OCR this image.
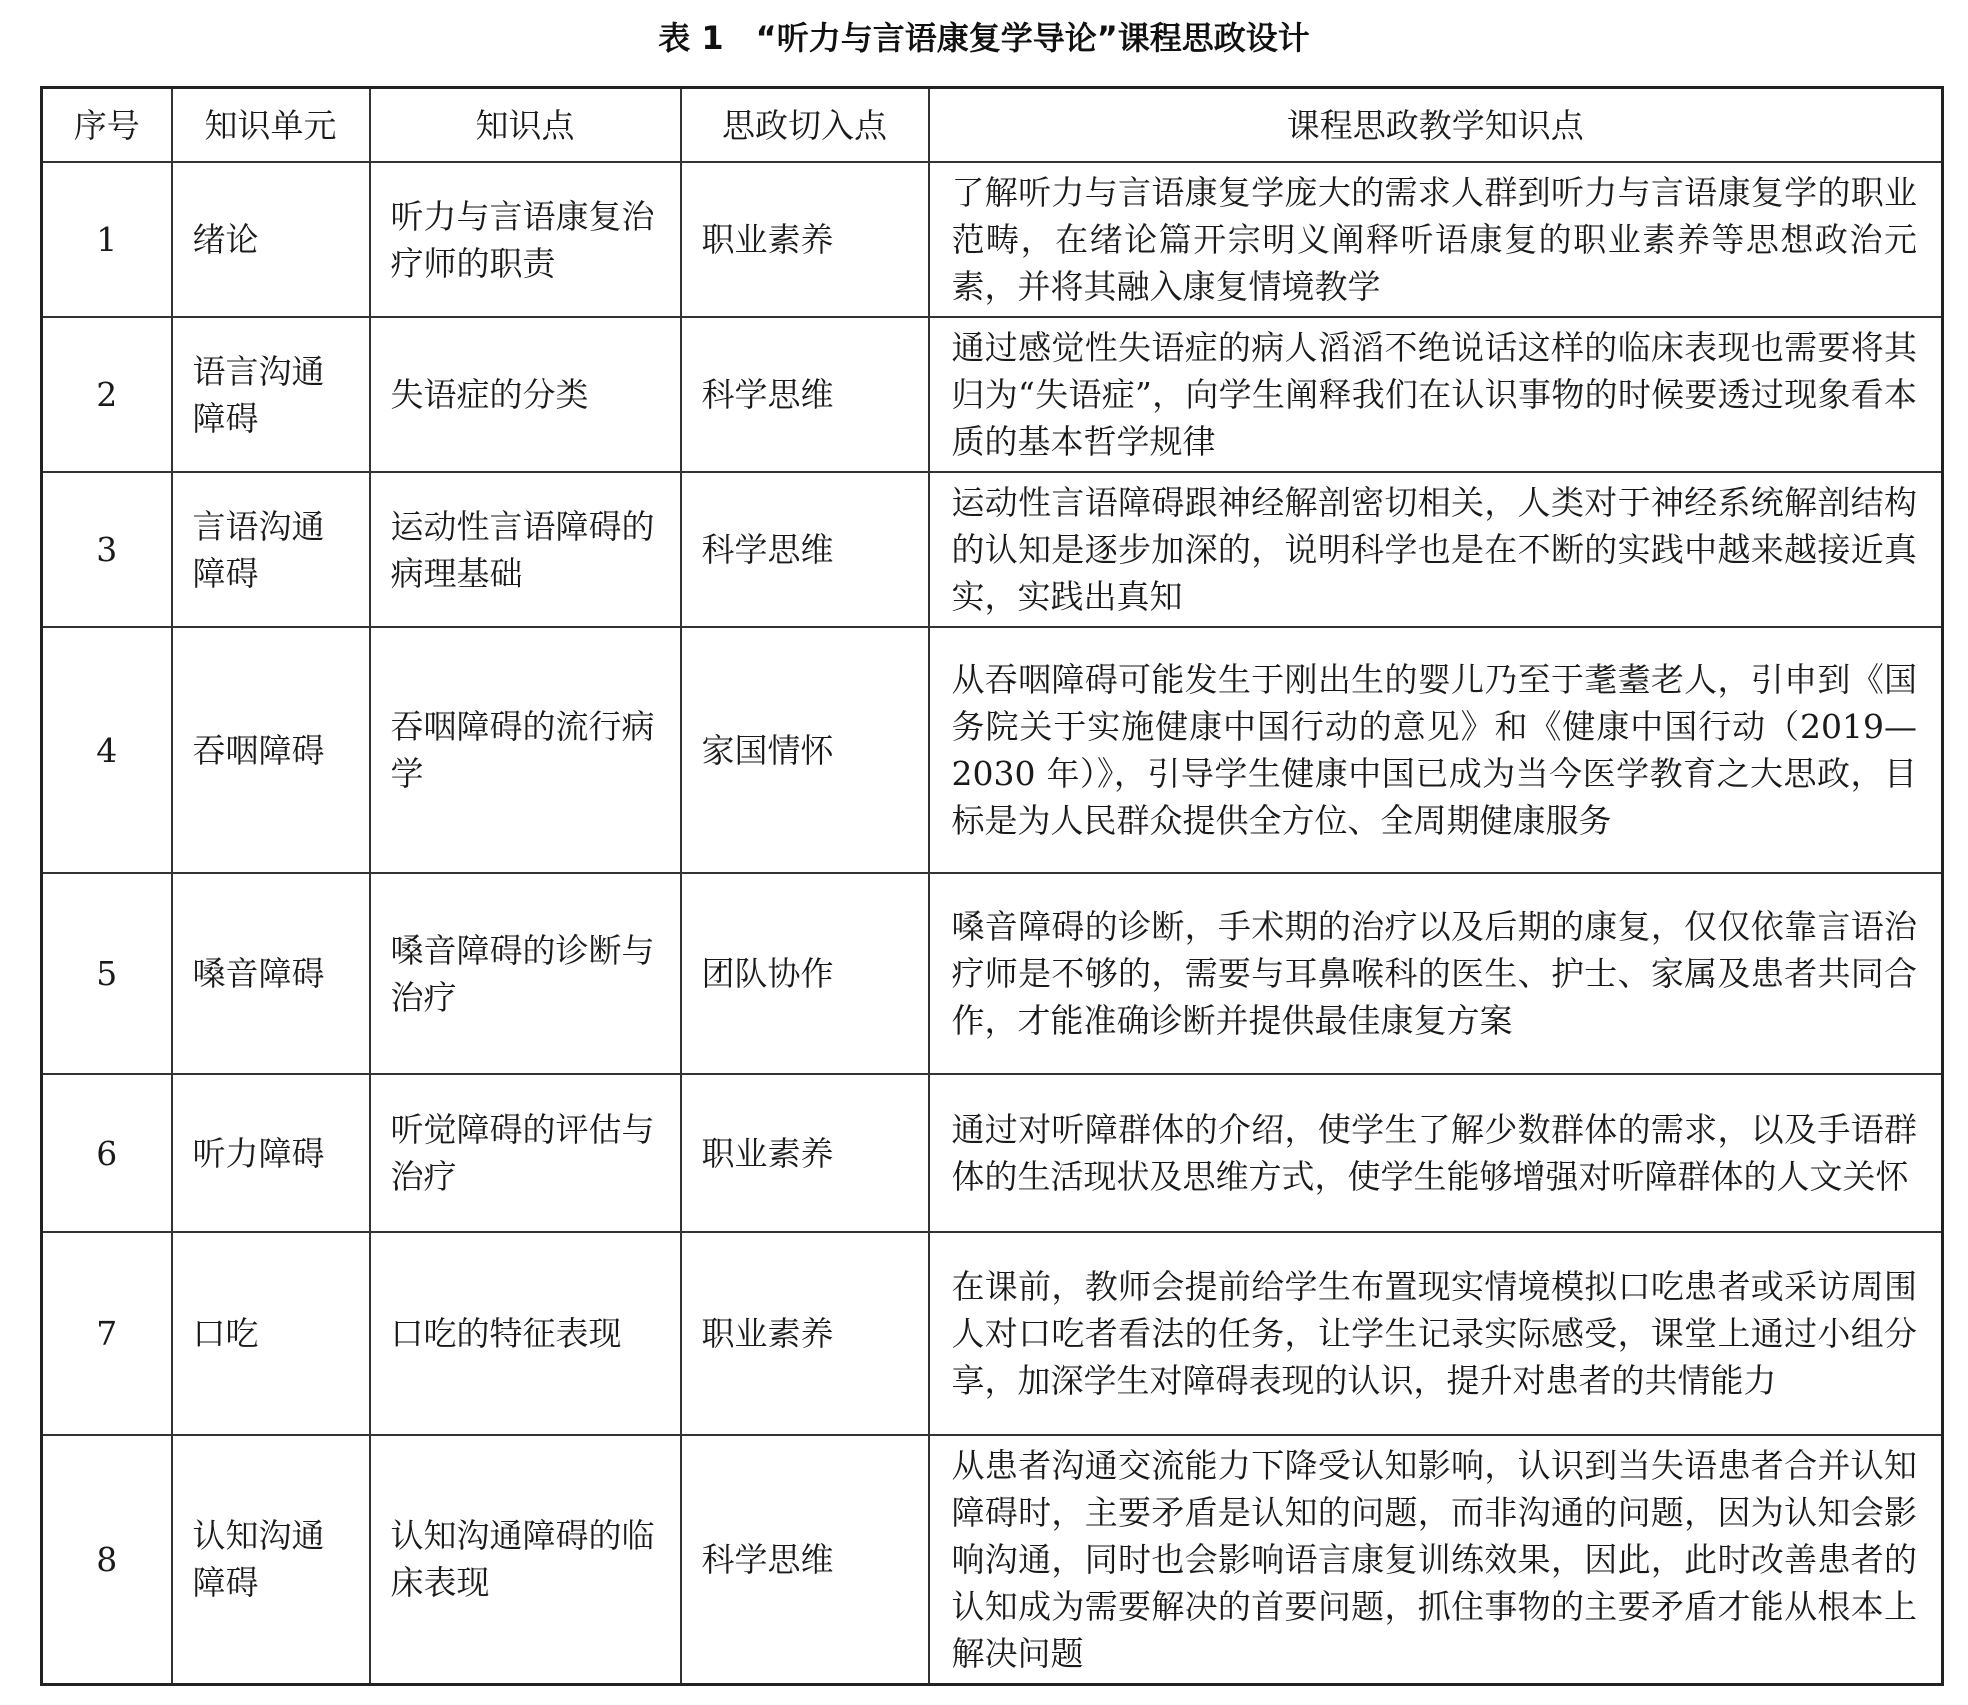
表 1　“听力与言语康复学导论”课程思政设计
序号	知识单元	知识点	思政切入点	课程思政教学知识点
1	绪论	听力与言语康复治疗师的职责	职业素养	了解听力与言语康复学庞大的需求人群到听力与言语康复学的职业范畴，在绪论篇开宗明义阐释听语康复的职业素养等思想政治元素，并将其融入康复情境教学
2	语言沟通障碍	失语症的分类	科学思维	通过感觉性失语症的病人滔滔不绝说话这样的临床表现也需要将其归为“失语症”，向学生阐释我们在认识事物的时候要透过现象看本质的基本哲学规律
3	言语沟通障碍	运动性言语障碍的病理基础	科学思维	运动性言语障碍跟神经解剖密切相关，人类对于神经系统解剖结构的认知是逐步加深的，说明科学也是在不断的实践中越来越接近真实，实践出真知
4	吞咽障碍	吞咽障碍的流行病学	家国情怀	从吞咽障碍可能发生于刚出生的婴儿乃至于耄耋老人，引申到《国务院关于实施健康中国行动的意见》和《健康中国行动（2019—2030 年）》，引导学生健康中国已成为当今医学教育之大思政，目标是为人民群众提供全方位、全周期健康服务
5	嗓音障碍	嗓音障碍的诊断与治疗	团队协作	嗓音障碍的诊断，手术期的治疗以及后期的康复，仅仅依靠言语治疗师是不够的，需要与耳鼻喉科的医生、护士、家属及患者共同合作，才能准确诊断并提供最佳康复方案
6	听力障碍	听觉障碍的评估与治疗	职业素养	通过对听障群体的介绍，使学生了解少数群体的需求，以及手语群体的生活现状及思维方式，使学生能够增强对听障群体的人文关怀
7	口吃	口吃的特征表现	职业素养	在课前，教师会提前给学生布置现实情境模拟口吃患者或采访周围人对口吃者看法的任务，让学生记录实际感受，课堂上通过小组分享，加深学生对障碍表现的认识，提升对患者的共情能力
8	认知沟通障碍	认知沟通障碍的临床表现	科学思维	从患者沟通交流能力下降受认知影响，认识到当失语患者合并认知障碍时，主要矛盾是认知的问题，而非沟通的问题，因为认知会影响沟通，同时也会影响语言康复训练效果，因此，此时改善患者的认知成为需要解决的首要问题，抓住事物的主要矛盾才能从根本上解决问题
